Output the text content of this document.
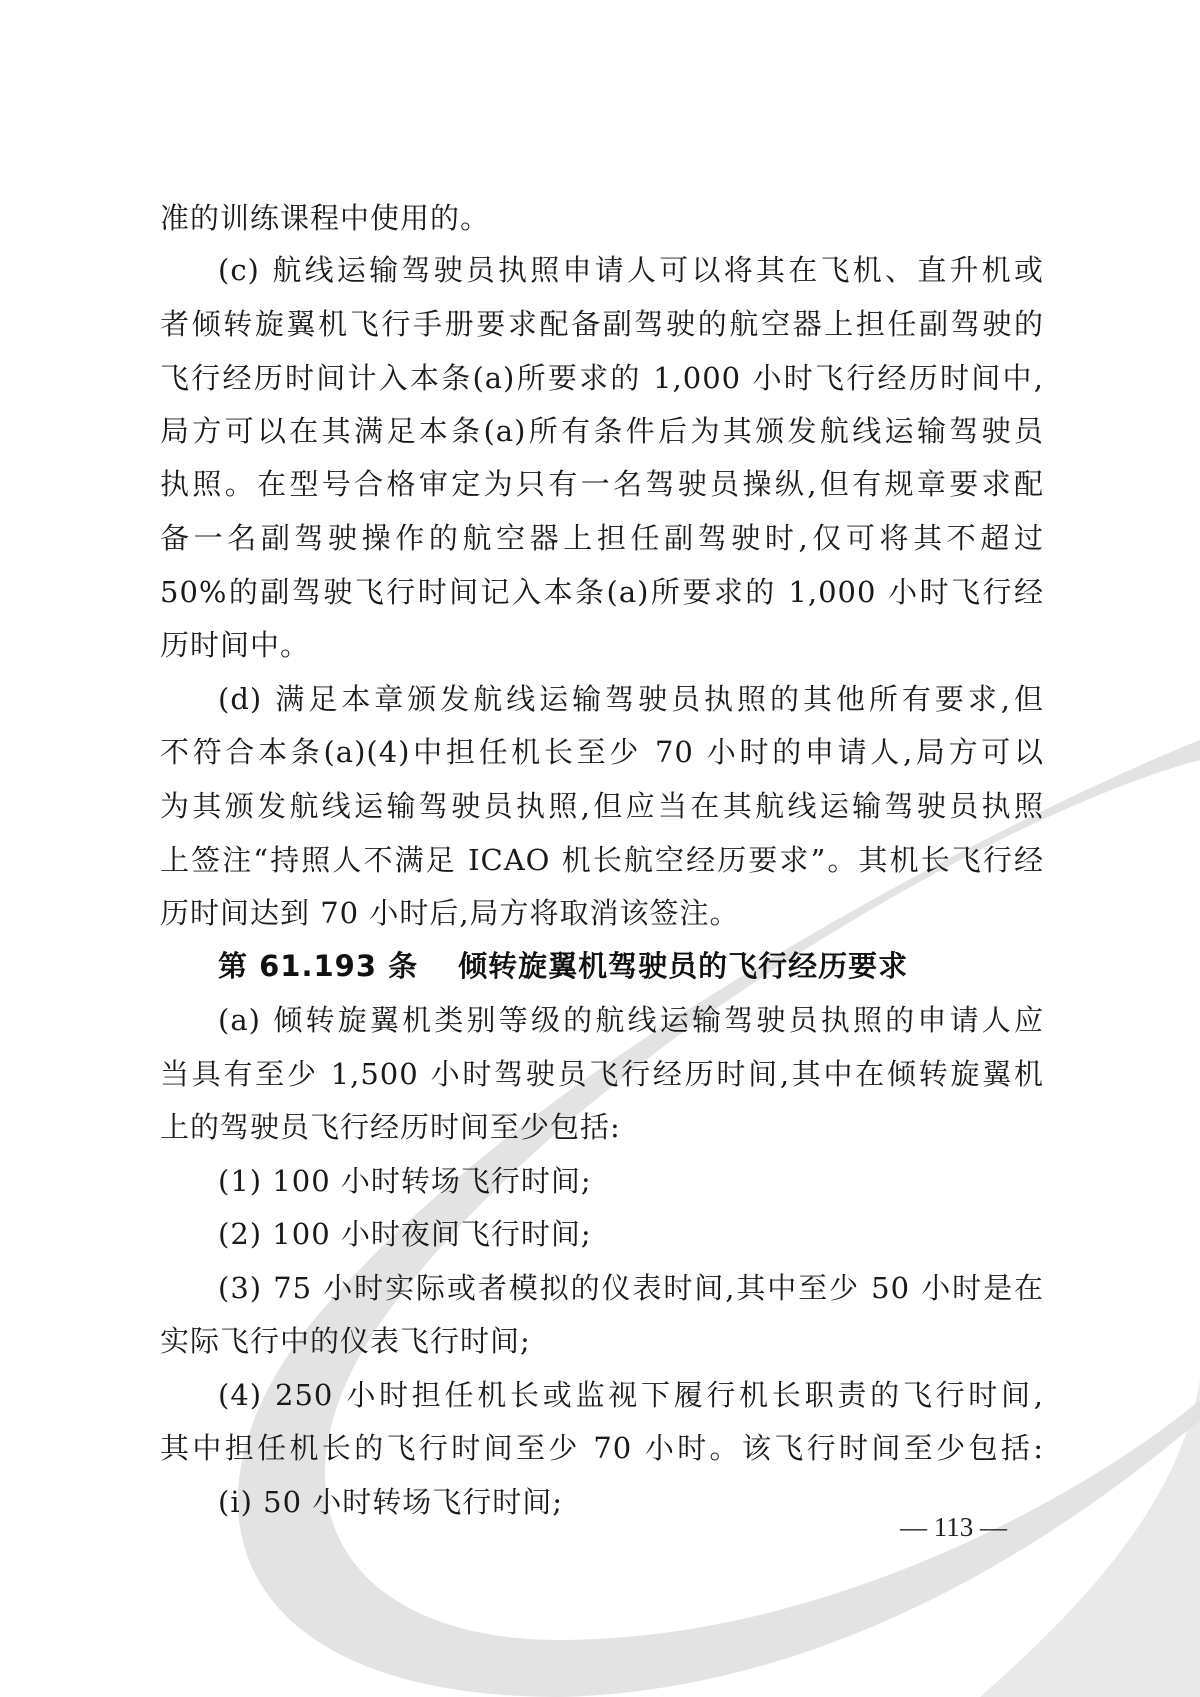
准的训练课程中使用的。
(c) 航线运输驾驶员执照申请人可以将其在飞机、直升机或
者倾转旋翼机飞行手册要求配备副驾驶的航空器上担任副驾驶的
飞行经历时间计入本条(a)所要求的 1,000 小时飞行经历时间中,
局方可以在其满足本条(a)所有条件后为其颁发航线运输驾驶员
执照。在型号合格审定为只有一名驾驶员操纵,但有规章要求配
备一名副驾驶操作的航空器上担任副驾驶时,仅可将其不超过
50%的副驾驶飞行时间记入本条(a)所要求的 1,000 小时飞行经
历时间中。
(d) 满足本章颁发航线运输驾驶员执照的其他所有要求,但
不符合本条(a)(4)中担任机长至少 70 小时的申请人,局方可以
为其颁发航线运输驾驶员执照,但应当在其航线运输驾驶员执照
上签注“持照人不满足 ICAO 机长航空经历要求”。其机长飞行经
历时间达到 70 小时后,局方将取消该签注。
第 61.193 条 倾转旋翼机驾驶员的飞行经历要求
(a) 倾转旋翼机类别等级的航线运输驾驶员执照的申请人应
当具有至少 1,500 小时驾驶员飞行经历时间,其中在倾转旋翼机
上的驾驶员飞行经历时间至少包括:
(1) 100 小时转场飞行时间;
(2) 100 小时夜间飞行时间;
(3) 75 小时实际或者模拟的仪表时间,其中至少 50 小时是在
实际飞行中的仪表飞行时间;
(4) 250 小时担任机长或监视下履行机长职责的飞行时间,
其中担任机长的飞行时间至少 70 小时。该飞行时间至少包括:
(i) 50 小时转场飞行时间;
— 113 —
